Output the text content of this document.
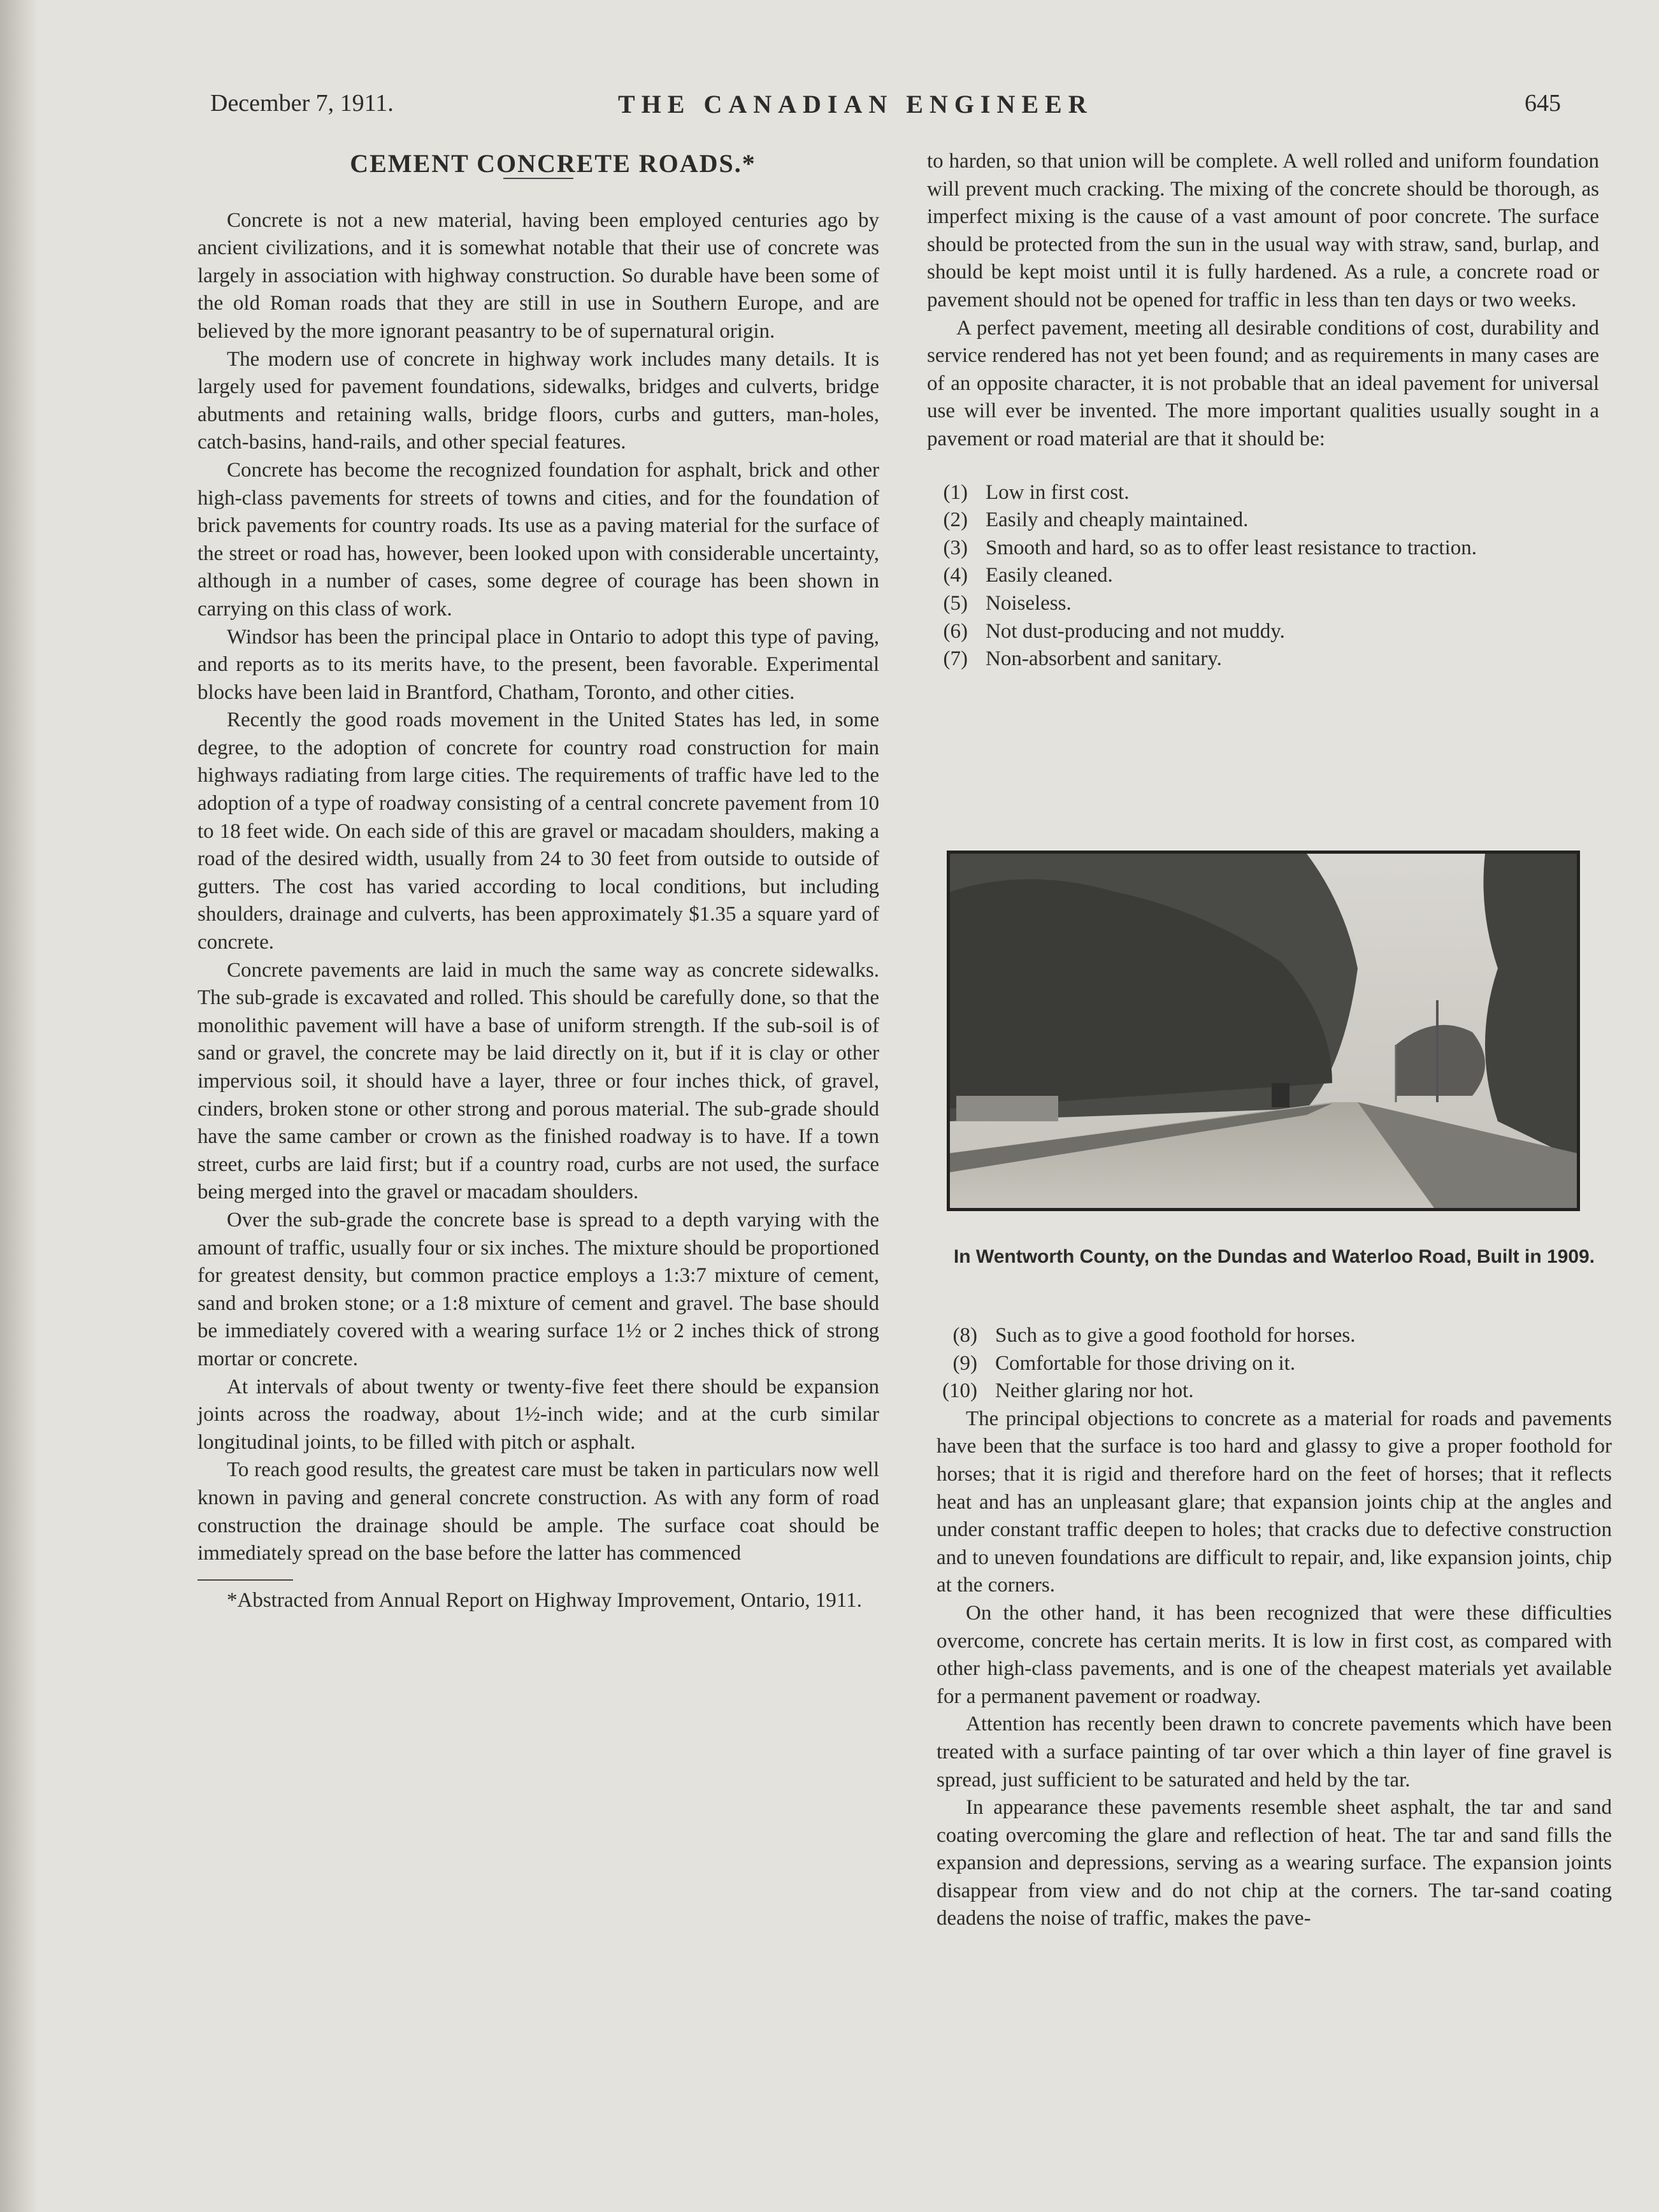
December 7, 1911.	THE CANADIAN ENGINEER	645

CEMENT CONCRETE ROADS.*

Concrete is not a new material, having been employed centuries ago by ancient civilizations, and it is somewhat notable that their use of concrete was largely in association with highway construction. So durable have been some of the old Roman roads that they are still in use in Southern Europe, and are believed by the more ignorant peasantry to be of supernatural origin.

The modern use of concrete in highway work includes many details. It is largely used for pavement foundations, sidewalks, bridges and culverts, bridge abutments and retaining walls, bridge floors, curbs and gutters, man-holes, catch-basins, hand-rails, and other special features.

Concrete has become the recognized foundation for asphalt, brick and other high-class pavements for streets of towns and cities, and for the foundation of brick pavements for country roads. Its use as a paving material for the surface of the street or road has, however, been looked upon with considerable uncertainty, although in a number of cases, some degree of courage has been shown in carrying on this class of work.

Windsor has been the principal place in Ontario to adopt this type of paving, and reports as to its merits have, to the present, been favorable. Experimental blocks have been laid in Brantford, Chatham, Toronto, and other cities.

Recently the good roads movement in the United States has led, in some degree, to the adoption of concrete for country road construction for main highways radiating from large cities. The requirements of traffic have led to the adoption of a type of roadway consisting of a central concrete pavement from 10 to 18 feet wide. On each side of this are gravel or macadam shoulders, making a road of the desired width, usually from 24 to 30 feet from outside to outside of gutters. The cost has varied according to local conditions, but including shoulders, drainage and culverts, has been approximately $1.35 a square yard of concrete.

Concrete pavements are laid in much the same way as concrete sidewalks. The sub-grade is excavated and rolled. This should be carefully done, so that the monolithic pavement will have a base of uniform strength. If the sub-soil is of sand or gravel, the concrete may be laid directly on it, but if it is clay or other impervious soil, it should have a layer, three or four inches thick, of gravel, cinders, broken stone or other strong and porous material. The sub-grade should have the same camber or crown as the finished roadway is to have. If a town street, curbs are laid first; but if a country road, curbs are not used, the surface being merged into the gravel or macadam shoulders.

Over the sub-grade the concrete base is spread to a depth varying with the amount of traffic, usually four or six inches. The mixture should be proportioned for greatest density, but common practice employs a 1:3:7 mixture of cement, sand and broken stone; or a 1:8 mixture of cement and gravel. The base should be immediately covered with a wearing surface 1½ or 2 inches thick of strong mortar or concrete.

At intervals of about twenty or twenty-five feet there should be expansion joints across the roadway, about 1½-inch wide; and at the curb similar longitudinal joints, to be filled with pitch or asphalt.

To reach good results, the greatest care must be taken in particulars now well known in paving and general concrete construction. As with any form of road construction the drainage should be ample. The surface coat should be immediately spread on the base before the latter has commenced

*Abstracted from Annual Report on Highway Improvement, Ontario, 1911.

to harden, so that union will be complete. A well rolled and uniform foundation will prevent much cracking. The mixing of the concrete should be thorough, as imperfect mixing is the cause of a vast amount of poor concrete. The surface should be protected from the sun in the usual way with straw, sand, burlap, and should be kept moist until it is fully hardened. As a rule, a concrete road or pavement should not be opened for traffic in less than ten days or two weeks.

A perfect pavement, meeting all desirable conditions of cost, durability and service rendered has not yet been found; and as requirements in many cases are of an opposite character, it is not probable that an ideal pavement for universal use will ever be invented. The more important qualities usually sought in a pavement or road material are that it should be:

(1) Low in first cost.
(2) Easily and cheaply maintained.
(3) Smooth and hard, so as to offer least resistance to traction.
(4) Easily cleaned.
(5) Noiseless.
(6) Not dust-producing and not muddy.
(7) Non-absorbent and sanitary.
In Wentworth County, on the Dundas and Waterloo Road, Built in 1909.
(8) Such as to give a good foothold for horses.
(9) Comfortable for those driving on it.
(10) Neither glaring nor hot.

The principal objections to concrete as a material for roads and pavements have been that the surface is too hard and glassy to give a proper foothold for horses; that it is rigid and therefore hard on the feet of horses; that it reflects heat and has an unpleasant glare; that expansion joints chip at the angles and under constant traffic deepen to holes; that cracks due to defective construction and to uneven foundations are difficult to repair, and, like expansion joints, chip at the corners.

On the other hand, it has been recognized that were these difficulties overcome, concrete has certain merits. It is low in first cost, as compared with other high-class pavements, and is one of the cheapest materials yet available for a permanent pavement or roadway.

Attention has recently been drawn to concrete pavements which have been treated with a surface painting of tar over which a thin layer of fine gravel is spread, just sufficient to be saturated and held by the tar.

In appearance these pavements resemble sheet asphalt, the tar and sand coating overcoming the glare and reflection of heat. The tar and sand fills the expansion and depressions, serving as a wearing surface. The expansion joints disappear from view and do not chip at the corners. The tar-sand coating deadens the noise of traffic, makes the pave-
